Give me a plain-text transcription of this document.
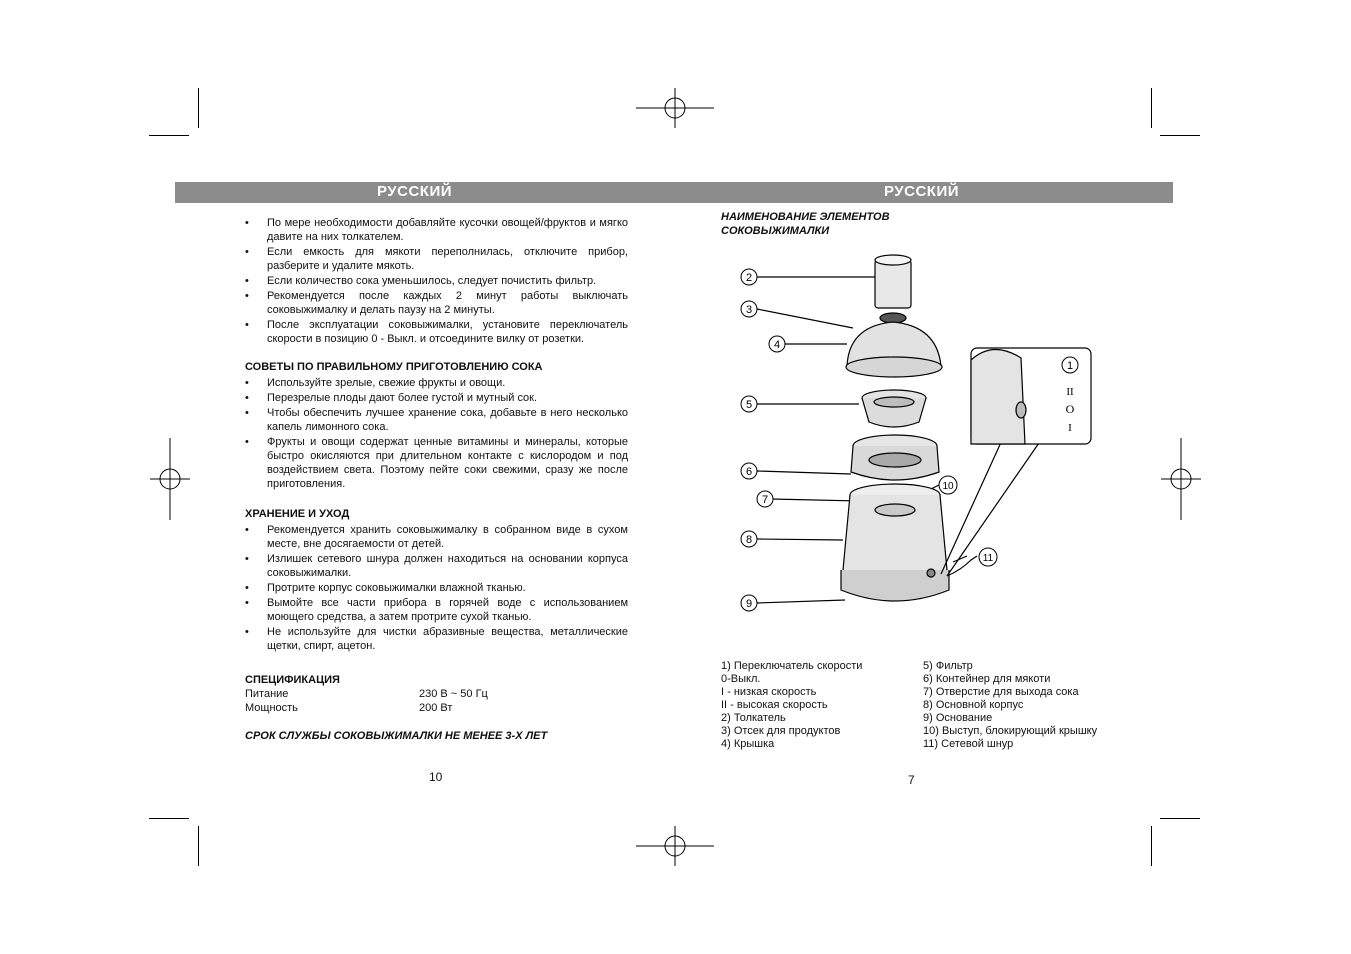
РУССКИЙ	РУССКИЙ
• По мере необходимости добавляйте кусочки овощей/фруктов и мягко давите на них толкателем.
• Если емкость для мякоти переполнилась, отключите прибор, разберите и удалите мякоть.
• Если количество сока уменьшилось, следует почистить фильтр.
• Рекомендуется после каждых 2 минут работы выключать соковыжималку и делать паузу на 2 минуты.
• После эксплуатации соковыжималки, установите переключатель скорости в позицию 0 - Выкл. и отсоедините вилку от розетки.
СОВЕТЫ ПО ПРАВИЛЬНОМУ ПРИГОТОВЛЕНИЮ СОКА
• Используйте зрелые, свежие фрукты и овощи.
• Перезрелые плоды дают более густой и мутный сок.
• Чтобы обеспечить лучшее хранение сока, добавьте в него несколько капель лимонного сока.
• Фрукты и овощи содержат ценные витамины и минералы, которые быстро окисляются при длительном контакте с кислородом и под воздействием света. Поэтому пейте соки свежими, сразу же после приготовления.
ХРАНЕНИЕ И УХОД
• Рекомендуется хранить соковыжималку в собранном виде в сухом месте, вне досягаемости от детей.
• Излишек сетевого шнура должен находиться на основании корпуса соковыжималки.
• Протрите корпус соковыжималки влажной тканью.
• Вымойте все части прибора в горячей воде с использованием моющего средства, а затем протрите сухой тканью.
• Не используйте для чистки абразивные вещества, металлические щетки, спирт, ацетон.
СПЕЦИФИКАЦИЯ
Питание	230 В ~ 50 Гц
Мощность	200 Вт
СРОК СЛУЖБЫ СОКОВЫЖИМАЛКИ НЕ МЕНЕЕ 3-Х ЛЕТ
10
НАИМЕНОВАНИЕ ЭЛЕМЕНТОВ
СОКОВЫЖИМАЛКИ
2
3
4
5
6
7
8
9
10
11
1
II
O
I
1) Переключатель скорости
0-Выкл.
I - низкая скорость
II - высокая скорость
2) Толкатель
3) Отсек для продуктов
4) Крышка
5) Фильтр
6) Контейнер для мякоти
7) Отверстие для выхода сока
8) Основной корпус
9) Основание
10) Выступ, блокирующий крышку
11) Сетевой шнур
7
